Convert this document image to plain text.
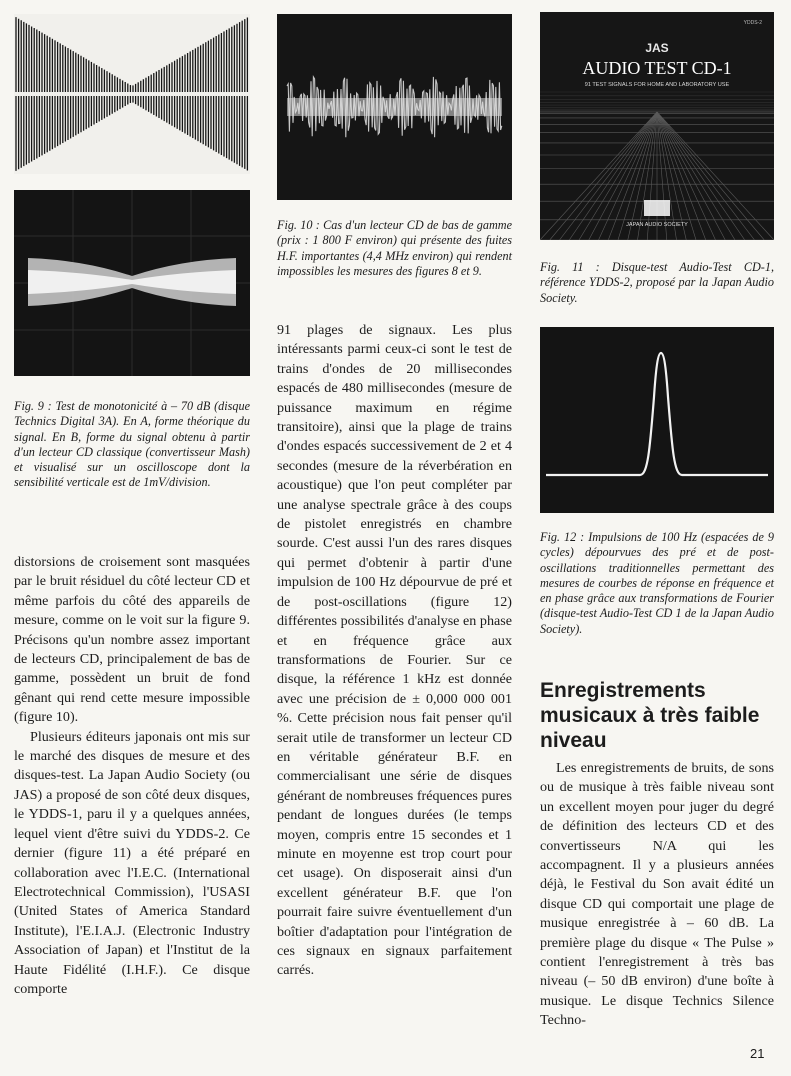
Fig. 9 : Test de monotonicité à – 70 dB (disque Technics Digital 3A). En A, forme théorique du signal. En B, forme du signal obtenu à partir d'un lecteur CD classique (convertisseur Mash) et visualisé sur un oscilloscope dont la sensibilité verticale est de 1mV/division.

distorsions de croisement sont masquées par le bruit résiduel du côté lecteur CD et même parfois du côté des appareils de mesure, comme on le voit sur la figure 9. Précisons qu'un nombre assez important de lecteurs CD, principalement de bas de gamme, possèdent un bruit de fond gênant qui rend cette mesure impossible (figure 10).

Plusieurs éditeurs japonais ont mis sur le marché des disques de mesure et des disques-test. La Japan Audio Society (ou JAS) a proposé de son côté deux disques, le YDDS-1, paru il y a quelques années, lequel vient d'être suivi du YDDS-2. Ce dernier (figure 11) a été préparé en collaboration avec l'I.E.C. (International Electrotechnical Commission), l'USASI (United States of America Standard Institute), l'E.I.A.J. (Electronic Industry Association of Japan) et l'Institut de la Haute Fidélité (I.H.F.). Ce disque comporte

Fig. 10 : Cas d'un lecteur CD de bas de gamme (prix : 1 800 F environ) qui présente des fuites H.F. importantes (4,4 MHz environ) qui rendent impossibles les mesures des figures 8 et 9.

91 plages de signaux. Les plus intéressants parmi ceux-ci sont le test de trains d'ondes de 20 millisecondes espacés de 480 millisecondes (mesure de puissance maximum en régime transitoire), ainsi que la plage de trains d'ondes espacés successivement de 2 et 4 secondes (mesure de la réverbération en acoustique) que l'on peut compléter par une analyse spectrale grâce à des coups de pistolet enregistrés en chambre sourde. C'est aussi l'un des rares disques qui permet d'obtenir à partir d'une impulsion de 100 Hz dépourvue de pré et de post-oscillations (figure 12) différentes possibilités d'analyse en phase et en fréquence grâce aux transformations de Fourier. Sur ce disque, la référence 1 kHz est donnée avec une précision de ± 0,000 000 001 %. Cette précision nous fait penser qu'il serait utile de transformer un lecteur CD en véritable générateur B.F. en commercialisant une série de disques générant de nombreuses fréquences pures pendant de longues durées (le temps moyen, compris entre 15 secondes et 1 minute en moyenne est trop court pour cet usage). On disposerait ainsi d'un excellent générateur B.F. que l'on pourrait faire suivre éventuellement d'un boîtier d'adaptation pour l'intégration de ces signaux en signaux parfaitement carrés.

JAS
AUDIO TEST CD-1
91 TEST SIGNALS FOR HOME AND LABORATORY USE
YDDS-2
JAPAN AUDIO SOCIETY

Fig. 11 : Disque-test Audio-Test CD-1, référence YDDS-2, proposé par la Japan Audio Society.

Fig. 12 : Impulsions de 100 Hz (espacées de 9 cycles) dépourvues des pré et de post-oscillations traditionnelles permettant des mesures de courbes de réponse en fréquence et en phase grâce aux transformations de Fourier (disque-test Audio-Test CD 1 de la Japan Audio Society).

Enregistrements musicaux à très faible niveau

Les enregistrements de bruits, de sons ou de musique à très faible niveau sont un excellent moyen pour juger du degré de définition des lecteurs CD et des convertisseurs N/A qui les accompagnent. Il y a plusieurs années déjà, le Festival du Son avait édité un disque CD qui comportait une plage de musique enregistrée à – 60 dB. La première plage du disque « The Pulse » contient l'enregistrement à très bas niveau (– 50 dB environ) d'une boîte à musique. Le disque Technics Silence Techno-

21
